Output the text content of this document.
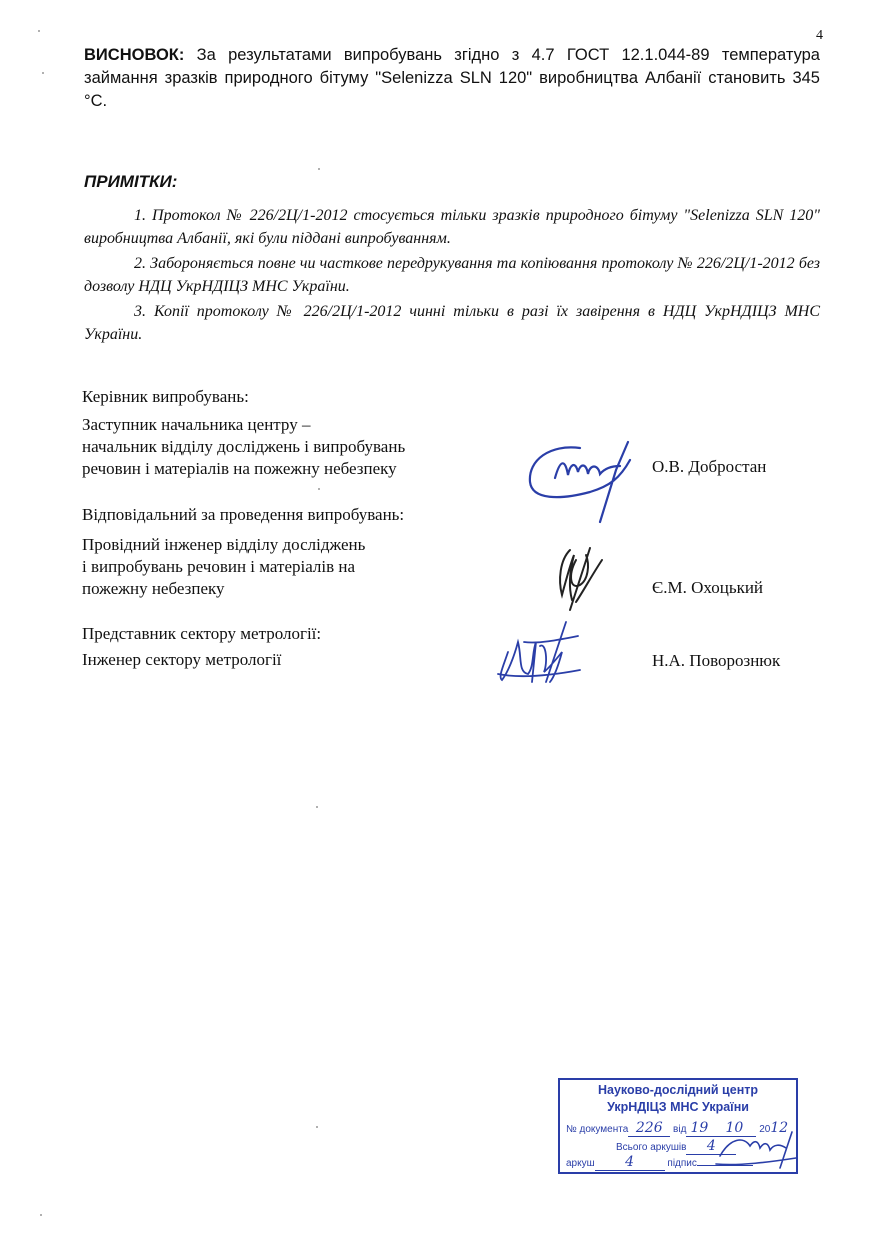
4
ВИСНОВОК: За результатами випробувань згідно з 4.7 ГОСТ 12.1.044-89 температура займання зразків природного бітуму "Selenizza SLN 120" виробництва Албанії становить 345 °С.
ПРИМІТКИ:

1. Протокол № 226/2Ц/1-2012 стосується тільки зразків природного бітуму "Selenizza SLN 120" виробництва Албанії, які були піддані випробуванням.

2. Забороняється повне чи часткове передрукування та копіювання протоколу № 226/2Ц/1-2012 без дозволу НДЦ УкрНДІЦЗ МНС України.

3. Копії протоколу № 226/2Ц/1-2012 чинні тільки в разі їх завірення в НДЦ УкрНДІЦЗ МНС України.

Керівник випробувань:
Заступник начальника центру –
начальник відділу досліджень і випробувань
речовин і матеріалів на пожежну небезпеку	О.В. Добростан
Відповідальний за проведення випробувань:
Провідний інженер відділу досліджень
і випробувань речовин і матеріалів на
пожежну небезпеку	Є.М. Охоцький
Представник сектору метрології:
Інженер сектору метрології	Н.А. Поворознюк
Науково-дослідний центр
УкрНДІЦЗ МНС України
№ документа 226 від 19 10 2012
Всього аркушів 4
аркуш 4	підпис
